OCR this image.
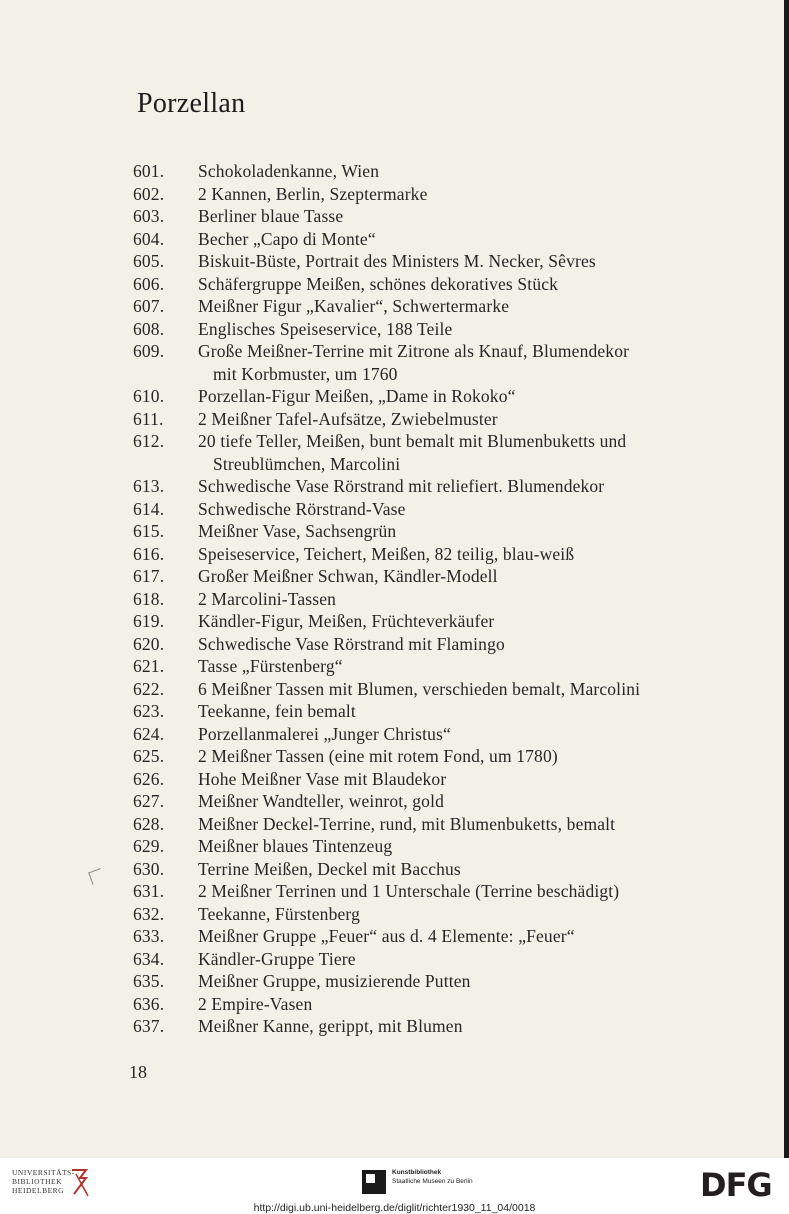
Porzellan
601.	Schokoladenkanne, Wien
602.	2 Kannen, Berlin, Szeptermarke
603.	Berliner blaue Tasse
604.	Becher „Capo di Monte“
605.	Biskuit-Büste, Portrait des Ministers M. Necker, Sêvres
606.	Schäfergruppe Meißen, schönes dekoratives Stück
607.	Meißner Figur „Kavalier“, Schwertermarke
608.	Englisches Speiseservice, 188 Teile
609.	Große Meißner-Terrine mit Zitrone als Knauf, Blumendekor
mit Korbmuster, um 1760
610.	Porzellan-Figur Meißen, „Dame in Rokoko“
611.	2 Meißner Tafel-Aufsätze, Zwiebelmuster
612.	20 tiefe Teller, Meißen, bunt bemalt mit Blumenbuketts und
Streublümchen, Marcolini
613.	Schwedische Vase Rörstrand mit reliefiert. Blumendekor
614.	Schwedische Rörstrand-Vase
615.	Meißner Vase, Sachsengrün
616.	Speiseservice, Teichert, Meißen, 82 teilig, blau-weiß
617.	Großer Meißner Schwan, Kändler-Modell
618.	2 Marcolini-Tassen
619.	Kändler-Figur, Meißen, Früchteverkäufer
620.	Schwedische Vase Rörstrand mit Flamingo
621.	Tasse „Fürstenberg“
622.	6 Meißner Tassen mit Blumen, verschieden bemalt, Marcolini
623.	Teekanne, fein bemalt
624.	Porzellanmalerei „Junger Christus“
625.	2 Meißner Tassen (eine mit rotem Fond, um 1780)
626.	Hohe Meißner Vase mit Blaudekor
627.	Meißner Wandteller, weinrot, gold
628.	Meißner Deckel-Terrine, rund, mit Blumenbuketts, bemalt
629.	Meißner blaues Tintenzeug
630.	Terrine Meißen, Deckel mit Bacchus
631.	2 Meißner Terrinen und 1 Unterschale (Terrine beschädigt)
632.	Teekanne, Fürstenberg
633.	Meißner Gruppe „Feuer“ aus d. 4 Elemente: „Feuer“
634.	Kändler-Gruppe Tiere
635.	Meißner Gruppe, musizierende Putten
636.	2 Empire-Vasen
637.	Meißner Kanne, gerippt, mit Blumen
18
UNIVERSITÄTS-
BIBLIOTHEK
HEIDELBERG
Kunstbibliothek
Staatliche Museen zu Berlin	DFG
http://digi.ub.uni-heidelberg.de/diglit/richter1930_11_04/0018
